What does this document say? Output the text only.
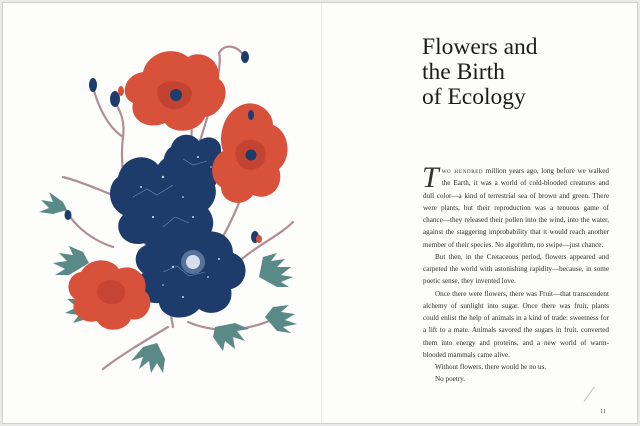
Flowers and
the Birth
of Ecology

Two hundred million years ago, long before we walked the Earth, it was a world of cold-blooded creatures and dull color—a kind of terrestrial sea of brown and green. There were plants, but their reproduction was a tenuous game of chance—they released their pollen into the wind, into the water, against the staggering improbability that it would reach another member of their species. No algorithm, no swipe—just chance.

But then, in the Cretaceous period, flowers appeared and carpeted the world with astonishing rapidity—because, in some poetic sense, they invented love.

Once there were flowers, there was Fruit—that transcendent alchemy of sunlight into sugar. Once there was fruit, plants could enlist the help of animals in a kind of trade: sweetness for a lift to a mate. Animals savored the sugars in fruit, converted them into energy and proteins, and a new world of warm-blooded mammals came alive.

Without flowers, there would be no us.

No poetry.

11
